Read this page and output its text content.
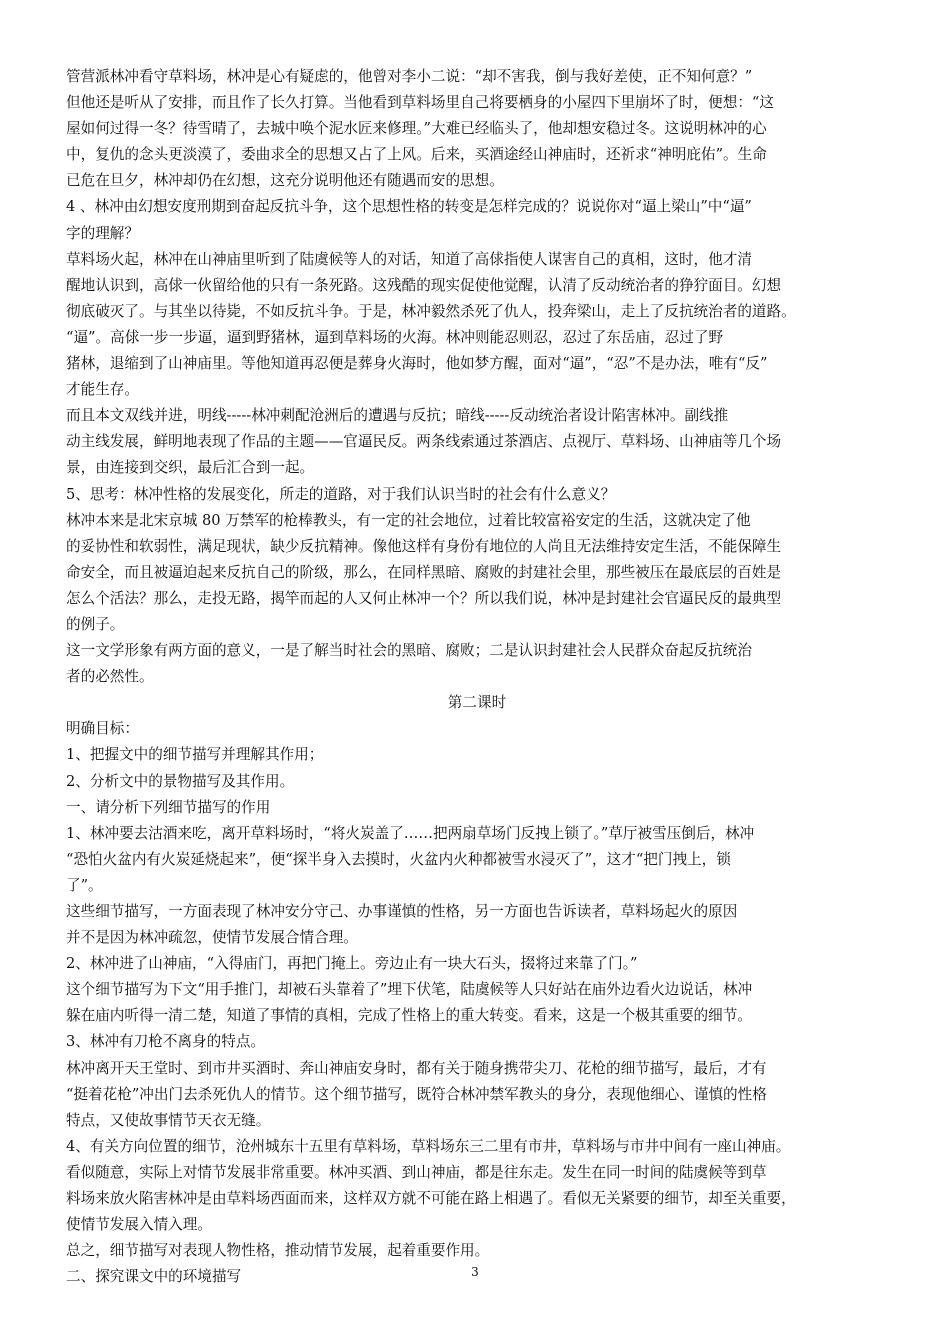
管营派林冲看守草料场，林冲是心有疑虑的，他曾对李小二说：“却不害我，倒与我好差使，正不知何意？”
但他还是听从了安排，而且作了长久打算。当他看到草料场里自己将要栖身的小屋四下里崩坏了时，便想：“这
屋如何过得一冬？待雪晴了，去城中唤个泥水匠来修理。”大难已经临头了，他却想安稳过冬。这说明林冲的心
中，复仇的念头更淡漠了，委曲求全的思想又占了上风。后来，买酒途经山神庙时，还祈求“神明庇佑”。生命
已危在旦夕，林冲却仍在幻想，这充分说明他还有随遇而安的思想。
4 、林冲由幻想安度刑期到奋起反抗斗争，这个思想性格的转变是怎样完成的？说说你对“逼上梁山”中“逼”
字的理解？
草料场火起，林冲在山神庙里听到了陆虞候等人的对话，知道了高俅指使人谋害自己的真相，这时，他才清
醒地认识到，高俅一伙留给他的只有一条死路。这残酷的现实促使他觉醒，认清了反动统治者的狰狞面目。幻想
彻底破灭了。与其坐以待毙，不如反抗斗争。于是，林冲毅然杀死了仇人，投奔梁山，走上了反抗统治者的道路。
“逼”。高俅一步一步逼，逼到野猪林，逼到草料场的火海。林冲则能忍则忍，忍过了东岳庙，忍过了野
猪林，退缩到了山神庙里。等他知道再忍便是葬身火海时，他如梦方醒，面对“逼”，“忍”不是办法，唯有“反”
才能生存。
而且本文双线并进，明线-----林冲刺配沧洲后的遭遇与反抗；暗线-----反动统治者设计陷害林冲。副线推
动主线发展，鲜明地表现了作品的主题——官逼民反。两条线索通过茶酒店、点视厅、草料场、山神庙等几个场
景，由连接到交织，最后汇合到一起。
5、思考：林冲性格的发展变化，所走的道路，对于我们认识当时的社会有什么意义？
林冲本来是北宋京城 80 万禁军的枪棒教头，有一定的社会地位，过着比较富裕安定的生活，这就决定了他
的妥协性和软弱性，满足现状，缺少反抗精神。像他这样有身份有地位的人尚且无法维持安定生活，不能保障生
命安全，而且被逼迫起来反抗自己的阶级，那么，在同样黑暗、腐败的封建社会里，那些被压在最底层的百姓是
怎么个活法？那么，走投无路，揭竿而起的人又何止林冲一个？所以我们说，林冲是封建社会官逼民反的最典型
的例子。
这一文学形象有两方面的意义，一是了解当时社会的黑暗、腐败；二是认识封建社会人民群众奋起反抗统治
者的必然性。
第二课时
明确目标：
1、把握文中的细节描写并理解其作用；
2、分析文中的景物描写及其作用。
一、请分析下列细节描写的作用
1、林冲要去沽酒来吃，离开草料场时，“将火炭盖了……把两扇草场门反拽上锁了。”草厅被雪压倒后，林冲
“恐怕火盆内有火炭延烧起来”，便“探半身入去摸时，火盆内火种都被雪水浸灭了”，这才“把门拽上，锁
了”。
这些细节描写，一方面表现了林冲安分守己、办事谨慎的性格，另一方面也告诉读者，草料场起火的原因
并不是因为林冲疏忽，使情节发展合情合理。
2、林冲进了山神庙，“入得庙门，再把门掩上。旁边止有一块大石头，掇将过来靠了门。”
这个细节描写为下文“用手推门，却被石头靠着了”埋下伏笔，陆虞候等人只好站在庙外边看火边说话，林冲
躲在庙内听得一清二楚，知道了事情的真相，完成了性格上的重大转变。看来，这是一个极其重要的细节。
3、林冲有刀枪不离身的特点。
林冲离开天王堂时、到市井买酒时、奔山神庙安身时，都有关于随身携带尖刀、花枪的细节描写，最后，才有
“挺着花枪”冲出门去杀死仇人的情节。这个细节描写，既符合林冲禁军教头的身分，表现他细心、谨慎的性格
特点，又使故事情节天衣无缝。
4、有关方向位置的细节，沧州城东十五里有草料场，草料场东三二里有市井，草料场与市井中间有一座山神庙。
看似随意，实际上对情节发展非常重要。林冲买酒、到山神庙，都是往东走。发生在同一时间的陆虞候等到草
料场来放火陷害林冲是由草料场西面而来，这样双方就不可能在路上相遇了。看似无关紧要的细节，却至关重要，
使情节发展入情入理。
总之，细节描写对表现人物性格，推动情节发展，起着重要作用。
二、探究课文中的环境描写	3
